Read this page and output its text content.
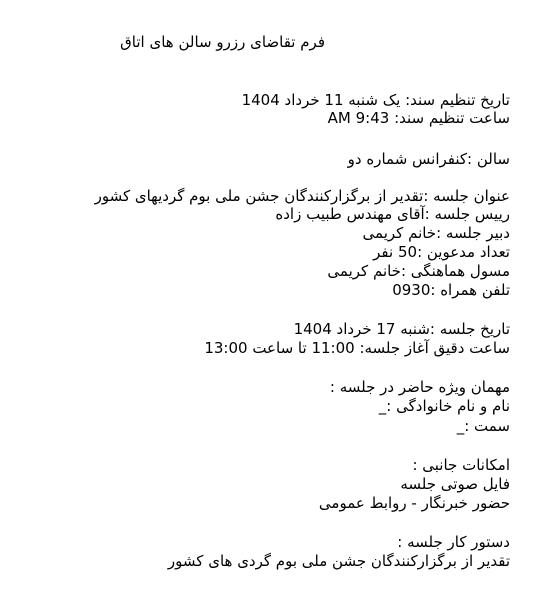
فرم تقاضای رزرو سالن های اتاق
تاریخ تنظیم سند: یک شنبه 11 خرداد 1404
ساعت تنظیم سند: 9:43 AM
سالن :کنفرانس شماره دو
عنوان جلسه :تقدیر از برگزارکنندگان جشن ملی بوم گردیهای کشور
رییس جلسه :آقای مهندس طبیب زاده
دبیر جلسه :خانم کریمی
تعداد مدعوین :50 نفر
مسول هماهنگی :خانم کریمی
تلفن همراه :0930
تاریخ جلسه :شنبه 17 خرداد 1404
ساعت دقیق آغاز جلسه: 11:00 تا ساعت 13:00
مهمان ویژه حاضر در جلسه :
نام و نام خانوادگی :_
سمت :_
امکانات جانبی :
فایل صوتی جلسه
حضور خبرنگار - روابط عمومی
دستور کار جلسه :
تقدیر از برگزارکنندگان جشن ملی بوم گردی های کشور
